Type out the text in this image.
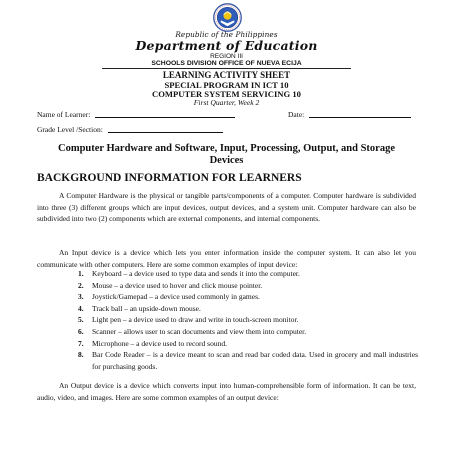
Republic of the Philippines
Department of Education
REGION III
SCHOOLS DIVISION OFFICE OF NUEVA ECIJA
LEARNING ACTIVITY SHEET
SPECIAL PROGRAM IN ICT 10
COMPUTER SYSTEM SERVICING 10
First Quarter, Week 2
Name of Learner:	Date:
Grade Level /Section:
Computer Hardware and Software, Input, Processing, Output, and Storage Devices
BACKGROUND INFORMATION FOR LEARNERS

A Computer Hardware is the physical or tangible parts/components of a computer. Computer hardware is subdivided into three (3) different groups which are input devices, output devices, and a system unit. Computer hardware can also be subdivided into two (2) components which are external components, and internal components.

An Input device is a device which lets you enter information inside the computer system. It can also let you communicate with other computers. Here are some common examples of input device:

1. Keyboard – a device used to type data and sends it into the computer.
2. Mouse – a device used to hover and click mouse pointer.
3. Joystick/Gamepad – a device used commonly in games.
4. Track ball – an upside-down mouse.
5. Light pen – a device used to draw and write in touch-screen monitor.
6. Scanner – allows user to scan documents and view them into computer.
7. Microphone – a device used to record sound.
8. Bar Code Reader – is a device meant to scan and read bar coded data. Used in grocery and mall industries for purchasing goods.

An Output device is a device which converts input into human-comprehensible form of information. It can be text, audio, video, and images. Here are some common examples of an output device:
